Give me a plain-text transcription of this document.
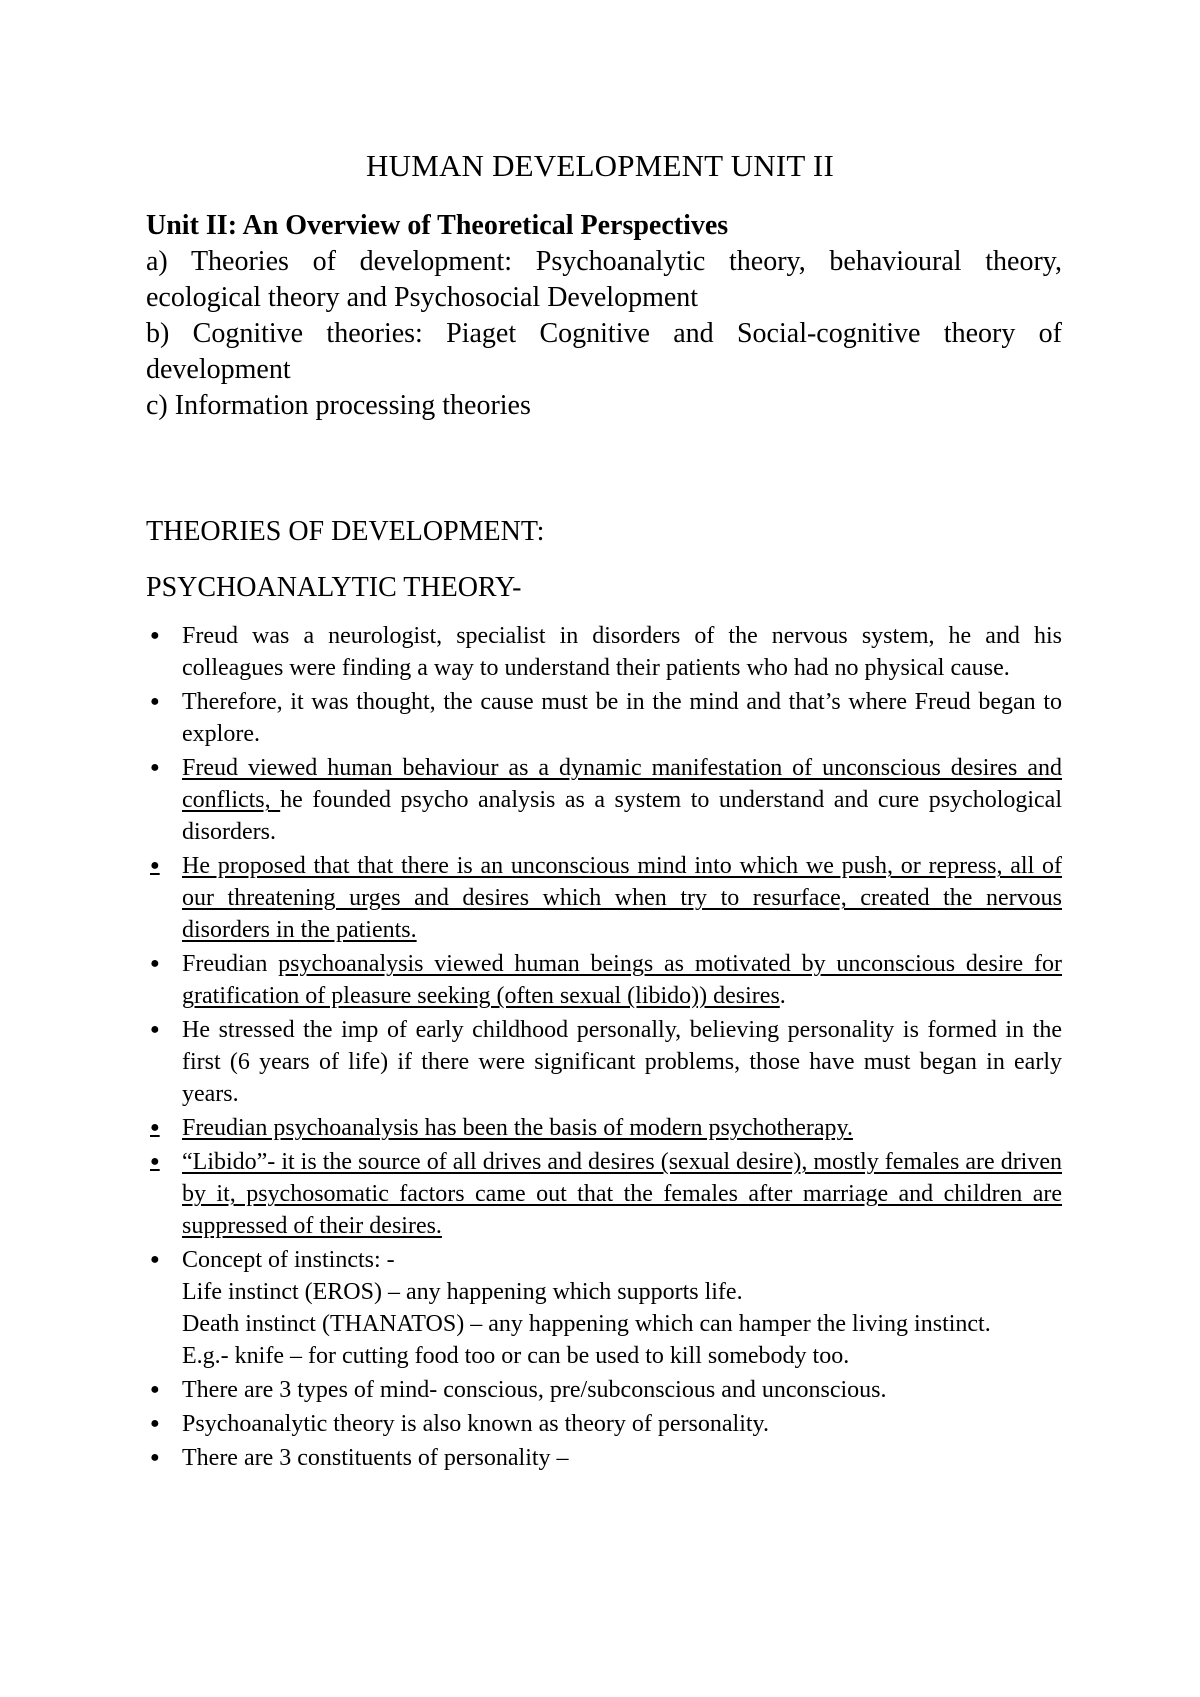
HUMAN DEVELOPMENT UNIT II

Unit II: An Overview of Theoretical Perspectives

a) Theories of development: Psychoanalytic theory, behavioural theory, ecological theory and Psychosocial Development

b) Cognitive theories: Piaget Cognitive and Social-cognitive theory of development

c) Information processing theories

THEORIES OF DEVELOPMENT:

PSYCHOANALYTIC THEORY-

● Freud was a neurologist, specialist in disorders of the nervous system, he and his colleagues were finding a way to understand their patients who had no physical cause.
● Therefore, it was thought, the cause must be in the mind and that’s where Freud began to explore.
● Freud viewed human behaviour as a dynamic manifestation of unconscious desires and conflicts, he founded psycho analysis as a system to understand and cure psychological disorders.
● He proposed that that there is an unconscious mind into which we push, or repress, all of our threatening urges and desires which when try to resurface, created the nervous disorders in the patients.
● Freudian psychoanalysis viewed human beings as motivated by unconscious desire for gratification of pleasure seeking (often sexual (libido)) desires.
● He stressed the imp of early childhood personally, believing personality is formed in the first (6 years of life) if there were significant problems, those have must began in early years.
● Freudian psychoanalysis has been the basis of modern psychotherapy.
● “Libido”- it is the source of all drives and desires (sexual desire), mostly females are driven by it, psychosomatic factors came out that the females after marriage and children are suppressed of their desires.
● Concept of instincts: -
Life instinct (EROS) – any happening which supports life.
Death instinct (THANATOS) – any happening which can hamper the living instinct.
E.g.- knife – for cutting food too or can be used to kill somebody too.
● There are 3 types of mind- conscious, pre/subconscious and unconscious.
● Psychoanalytic theory is also known as theory of personality.
● There are 3 constituents of personality –
